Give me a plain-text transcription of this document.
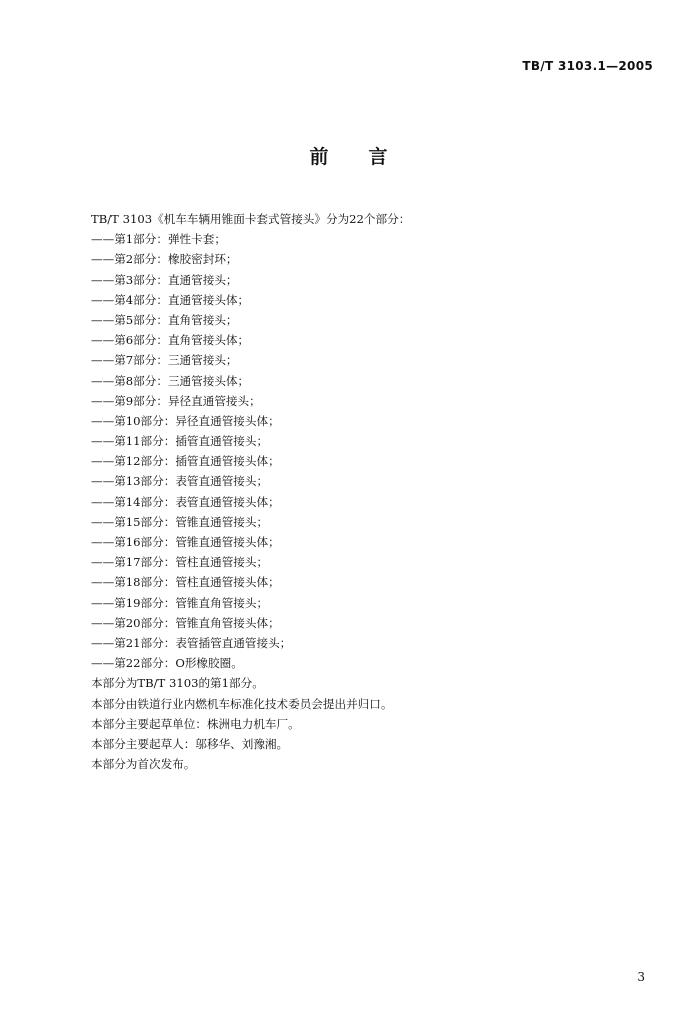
TB/T 3103.1—2005
前 言
TB/T 3103《机车车辆用锥面卡套式管接头》分为22个部分：
——第1部分：弹性卡套；
——第2部分：橡胶密封环；
——第3部分：直通管接头；
——第4部分：直通管接头体；
——第5部分：直角管接头；
——第6部分：直角管接头体；
——第7部分：三通管接头；
——第8部分：三通管接头体；
——第9部分：异径直通管接头；
——第10部分：异径直通管接头体；
——第11部分：插管直通管接头；
——第12部分：插管直通管接头体；
——第13部分：表管直通管接头；
——第14部分：表管直通管接头体；
——第15部分：管锥直通管接头；
——第16部分：管锥直通管接头体；
——第17部分：管柱直通管接头；
——第18部分：管柱直通管接头体；
——第19部分：管锥直角管接头；
——第20部分：管锥直角管接头体；
——第21部分：表管插管直通管接头；
——第22部分：O形橡胶圈。
本部分为TB/T 3103的第1部分。
本部分由铁道行业内燃机车标准化技术委员会提出并归口。
本部分主要起草单位：株洲电力机车厂。
本部分主要起草人：邬移华、刘豫湘。
本部分为首次发布。
3
